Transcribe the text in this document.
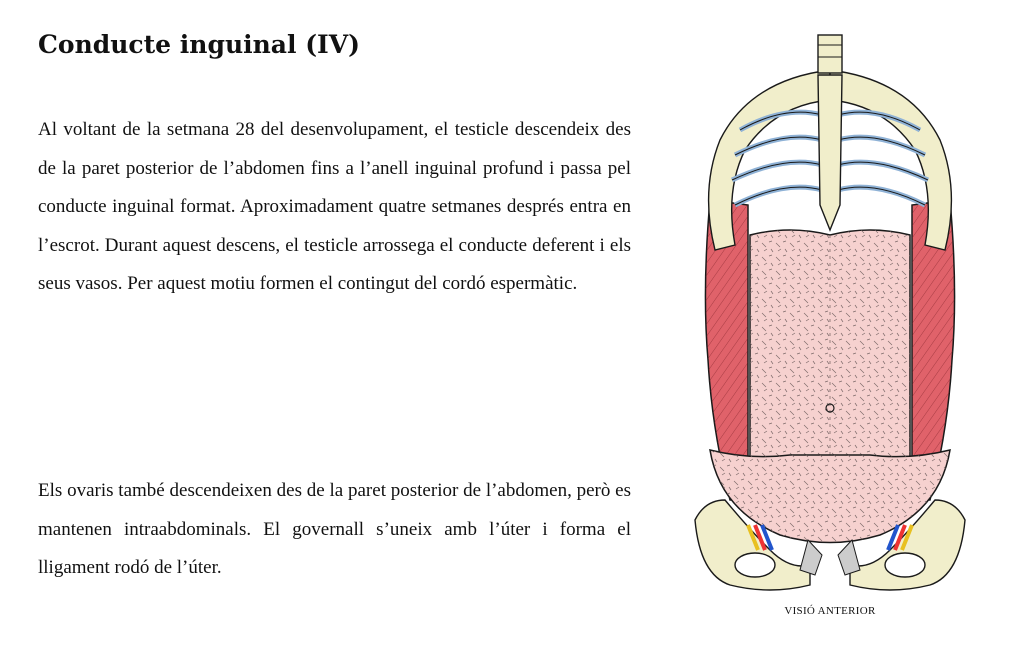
Conducte inguinal (IV)

Al voltant de la setmana 28 del desenvolupament, el testicle descendeix des de la paret posterior de l’abdomen fins a l’anell inguinal profund i passa pel conducte inguinal format. Aproximadament quatre setmanes després entra en l’escrot. Durant aquest descens, el testicle arrossega el conducte deferent i els seus vasos. Per aquest motiu formen el contingut del cordó espermàtic.

Els ovaris també descendeixen des de la paret posterior de l’abdomen, però es mantenen intraabdominals. El governall s’uneix amb l’úter i forma el lligament rodó de l’úter.

VISIÓ ANTERIOR
